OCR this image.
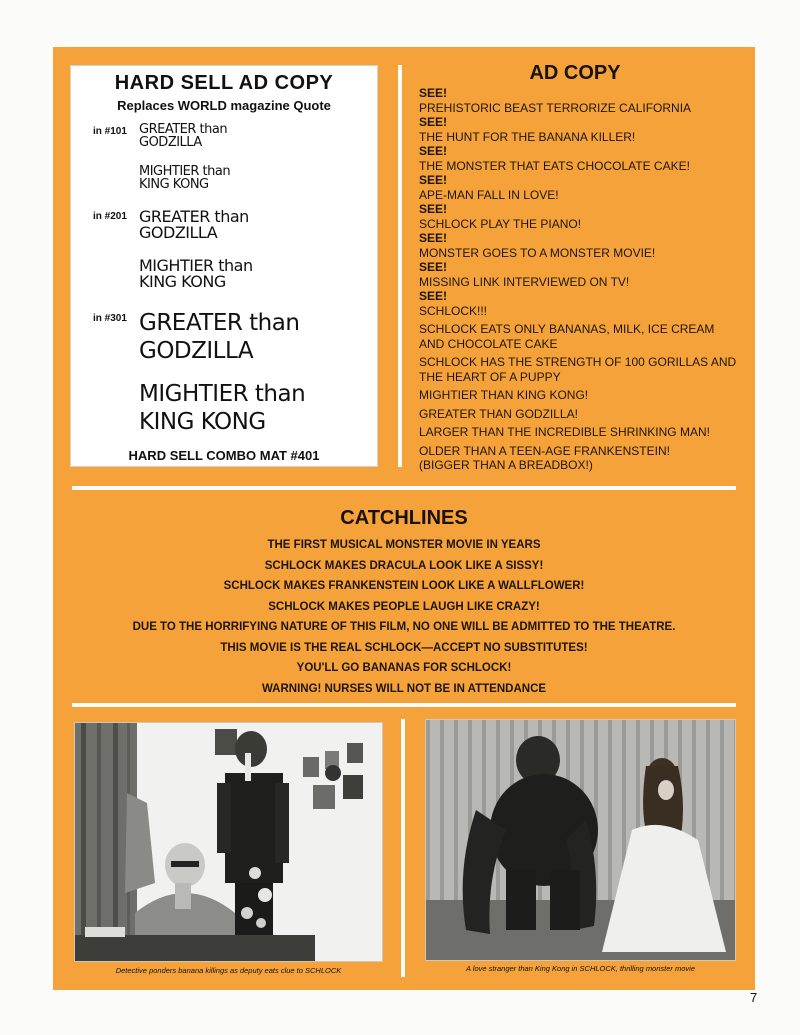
HARD SELL AD COPY
Replaces WORLD magazine Quote
in #101 GREATER than GODZILLA
MIGHTIER than KING KONG
in #201 GREATER than GODZILLA
MIGHTIER than KING KONG
in #301 GREATER than GODZILLA
MIGHTIER than KING KONG
HARD SELL COMBO MAT #401
AD COPY
SEE!
PREHISTORIC BEAST TERRORIZE CALIFORNIA
SEE!
THE HUNT FOR THE BANANA KILLER!
SEE!
THE MONSTER THAT EATS CHOCOLATE CAKE!
SEE!
APE-MAN FALL IN LOVE!
SEE!
SCHLOCK PLAY THE PIANO!
SEE!
MONSTER GOES TO A MONSTER MOVIE!
SEE!
MISSING LINK INTERVIEWED ON TV!
SEE!
SCHLOCK!!!
SCHLOCK EATS ONLY BANANAS, MILK, ICE CREAM AND CHOCOLATE CAKE
SCHLOCK HAS THE STRENGTH OF 100 GORILLAS AND THE HEART OF A PUPPY
MIGHTIER THAN KING KONG!
GREATER THAN GODZILLA!
LARGER THAN THE INCREDIBLE SHRINKING MAN!
OLDER THAN A TEEN-AGE FRANKENSTEIN! (BIGGER THAN A BREADBOX!)
CATCHLINES
THE FIRST MUSICAL MONSTER MOVIE IN YEARS
SCHLOCK MAKES DRACULA LOOK LIKE A SISSY!
SCHLOCK MAKES FRANKENSTEIN LOOK LIKE A WALLFLOWER!
SCHLOCK MAKES PEOPLE LAUGH LIKE CRAZY!
DUE TO THE HORRIFYING NATURE OF THIS FILM, NO ONE WILL BE ADMITTED TO THE THEATRE.
THIS MOVIE IS THE REAL SCHLOCK—ACCEPT NO SUBSTITUTES!
YOU'LL GO BANANAS FOR SCHLOCK!
WARNING! NURSES WILL NOT BE IN ATTENDANCE
Detective ponders banana killings as deputy eats clue to SCHLOCK	A love stranger than King Kong in SCHLOCK, thrilling monster movie
7
